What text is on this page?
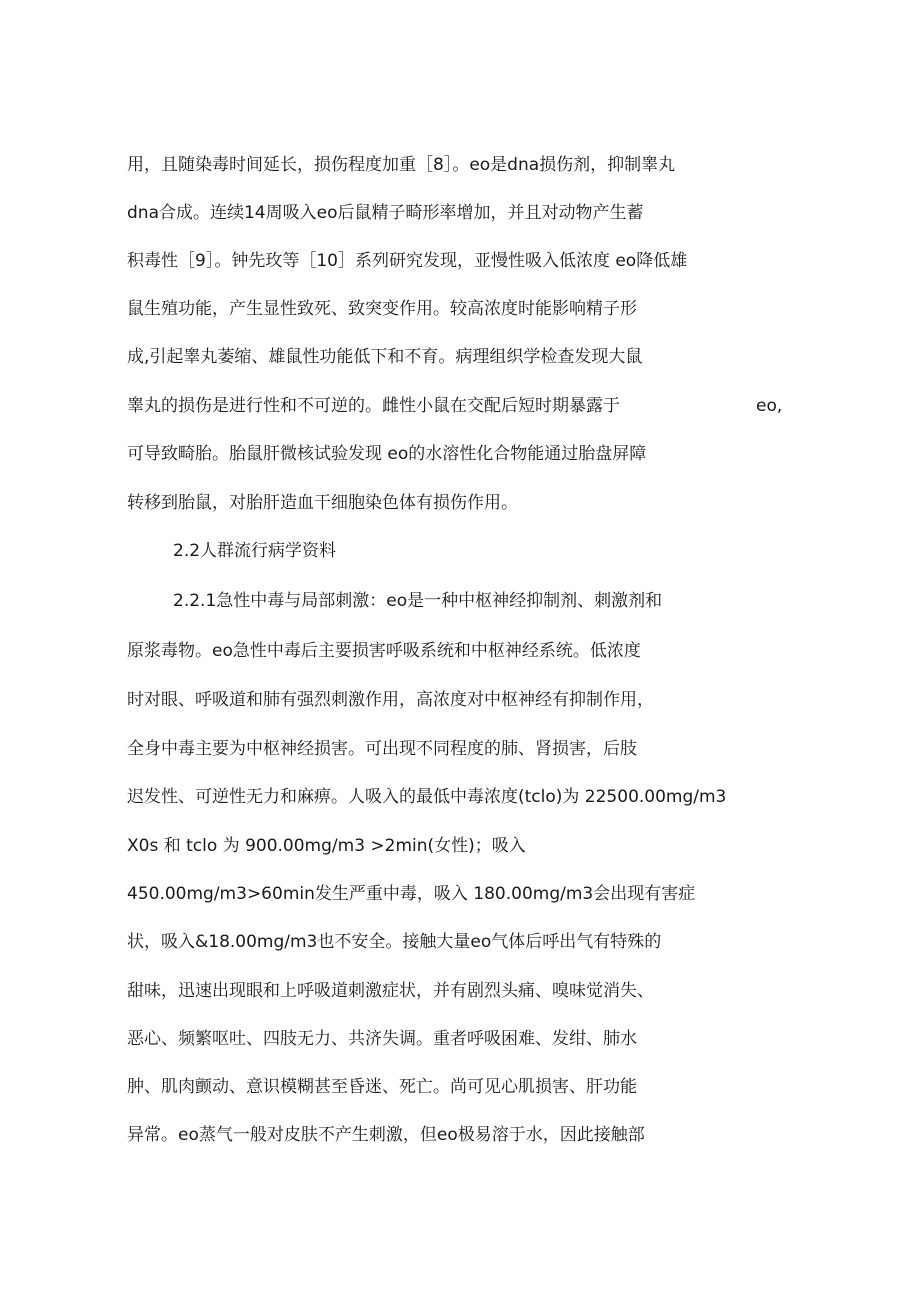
用，且随染毒时间延长，损伤程度加重［8］。eo是dna损伤剂，抑制睾丸
dna合成。连续14周吸入eo后鼠精子畸形率增加，并且对动物产生蓄
积毒性［9］。钟先玫等［10］系列研究发现，亚慢性吸入低浓度 eo降低雄
鼠生殖功能，产生显性致死、致突变作用。较高浓度时能影响精子形
成,引起睾丸萎缩、雄鼠性功能低下和不育。病理组织学检查发现大鼠
睾丸的损伤是进行性和不可逆的。雌性小鼠在交配后短时期暴露于	eo,
可导致畸胎。胎鼠肝微核试验发现 eo的水溶性化合物能通过胎盘屏障
转移到胎鼠，对胎肝造血干细胞染色体有损伤作用。
2.2人群流行病学资料
2.2.1急性中毒与局部刺激：eo是一种中枢神经抑制剂、刺激剂和
原浆毒物。eo急性中毒后主要损害呼吸系统和中枢神经系统。低浓度
时对眼、呼吸道和肺有强烈刺激作用，高浓度对中枢神经有抑制作用，
全身中毒主要为中枢神经损害。可出现不同程度的肺、肾损害，后肢
迟发性、可逆性无力和麻痹。人吸入的最低中毒浓度(tclo)为 22500.00mg/m3
X0s 和 tclo 为 900.00mg/m3 >2min(女性)；吸入
450.00mg/m3>60min发生严重中毒，吸入 180.00mg/m3会出现有害症
状，吸入&18.00mg/m3也不安全。接触大量eo气体后呼出气有特殊的
甜味，迅速出现眼和上呼吸道刺激症状，并有剧烈头痛、嗅味觉消失、
恶心、频繁呕吐、四肢无力、共济失调。重者呼吸困难、发绀、肺水
肿、肌肉颤动、意识模糊甚至昏迷、死亡。尚可见心肌损害、肝功能
异常。eo蒸气一般对皮肤不产生刺激，但eo极易溶于水，因此接触部
